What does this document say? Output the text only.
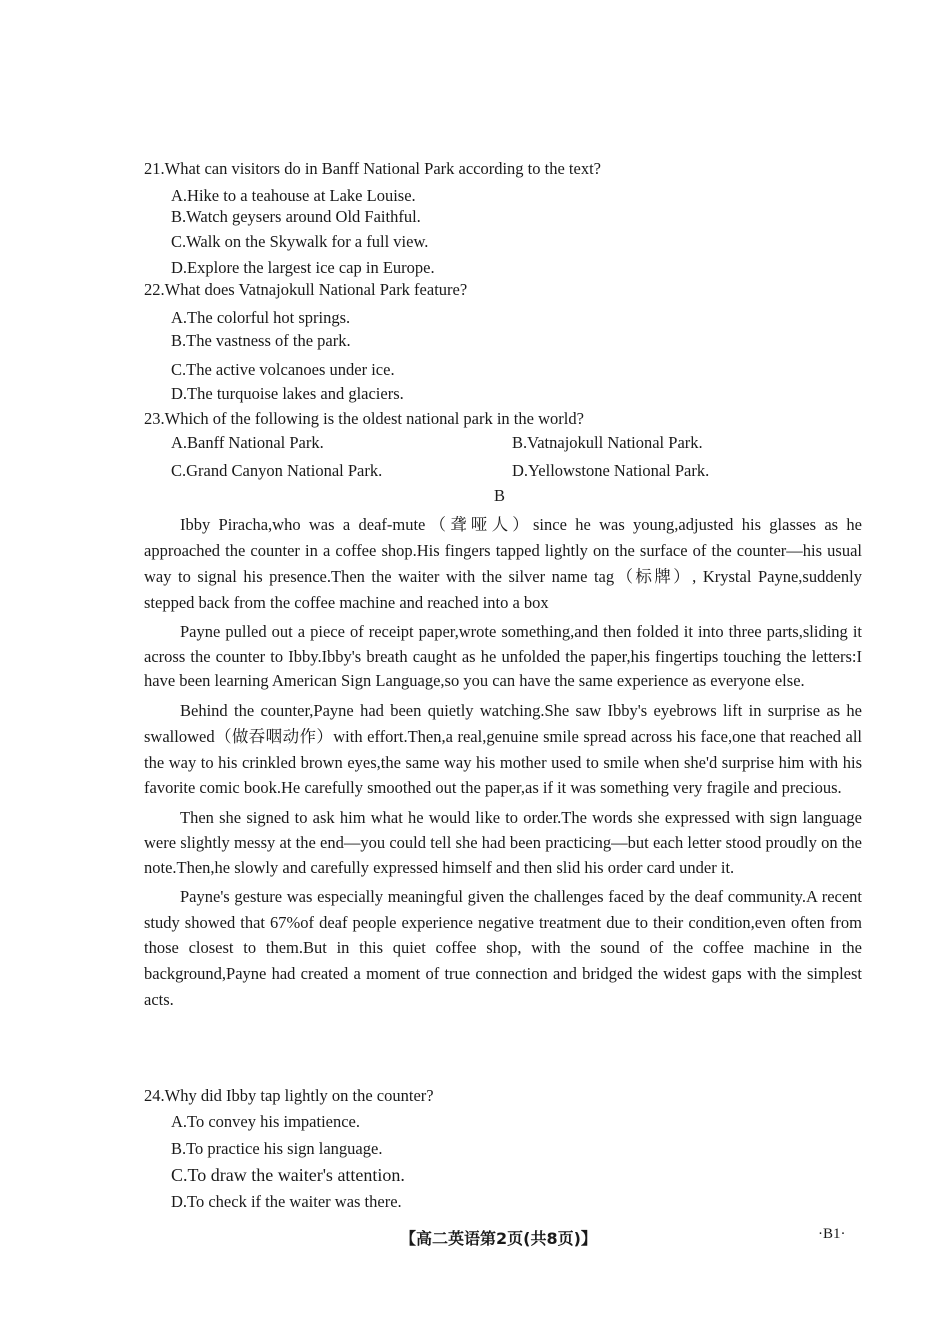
21.What can visitors do in Banff National Park according to the text?
A.Hike to a teahouse at Lake Louise.
B.Watch geysers around Old Faithful.
C.Walk on the Skywalk for a full view.
D.Explore the largest ice cap in Europe.
22.What does Vatnajokull National Park feature?
A.The colorful hot springs.
B.The vastness of the park.
C.The active volcanoes under ice.
D.The turquoise lakes and glaciers.
23.Which of the following is the oldest national park in the world?
A.Banff National Park.	B.Vatnajokull National Park.
C.Grand Canyon National Park.	D.Yellowstone National Park.
B

Ibby Piracha,who was a deaf-mute（聋哑人）since he was young,adjusted his glasses as he approached the counter in a coffee shop.His fingers tapped lightly on the surface of the counter—his usual way to signal his presence.Then the waiter with the silver name tag（标牌）, Krystal Payne,suddenly stepped back from the coffee machine and reached into a box

Payne pulled out a piece of receipt paper,wrote something,and then folded it into three parts,sliding it across the counter to Ibby.Ibby's breath caught as he unfolded the paper,his fingertips touching the letters:I have been learning American Sign Language,so you can have the same experience as everyone else.

Behind the counter,Payne had been quietly watching.She saw Ibby's eyebrows lift in surprise as he swallowed（做吞咽动作）with effort.Then,a real,genuine smile spread across his face,one that reached all the way to his crinkled brown eyes,the same way his mother used to smile when she'd surprise him with his favorite comic book.He carefully smoothed out the paper,as if it was something very fragile and precious.

Then she signed to ask him what he would like to order.The words she expressed with sign language were slightly messy at the end—you could tell she had been practicing—but each letter stood proudly on the note.Then,he slowly and carefully expressed himself and then slid his order card under it.

Payne's gesture was especially meaningful given the challenges faced by the deaf community.A recent study showed that 67%of deaf people experience negative treatment due to their condition,even often from those closest to them.But in this quiet coffee shop, with the sound of the coffee machine in the background,Payne had created a moment of true connection and bridged the widest gaps with the simplest acts.

24.Why did Ibby tap lightly on the counter?
A.To convey his impatience.
B.To practice his sign language.
C.To draw the waiter's attention.
D.To check if the waiter was there.
【高二英语第2页(共8页)】	·B1·
